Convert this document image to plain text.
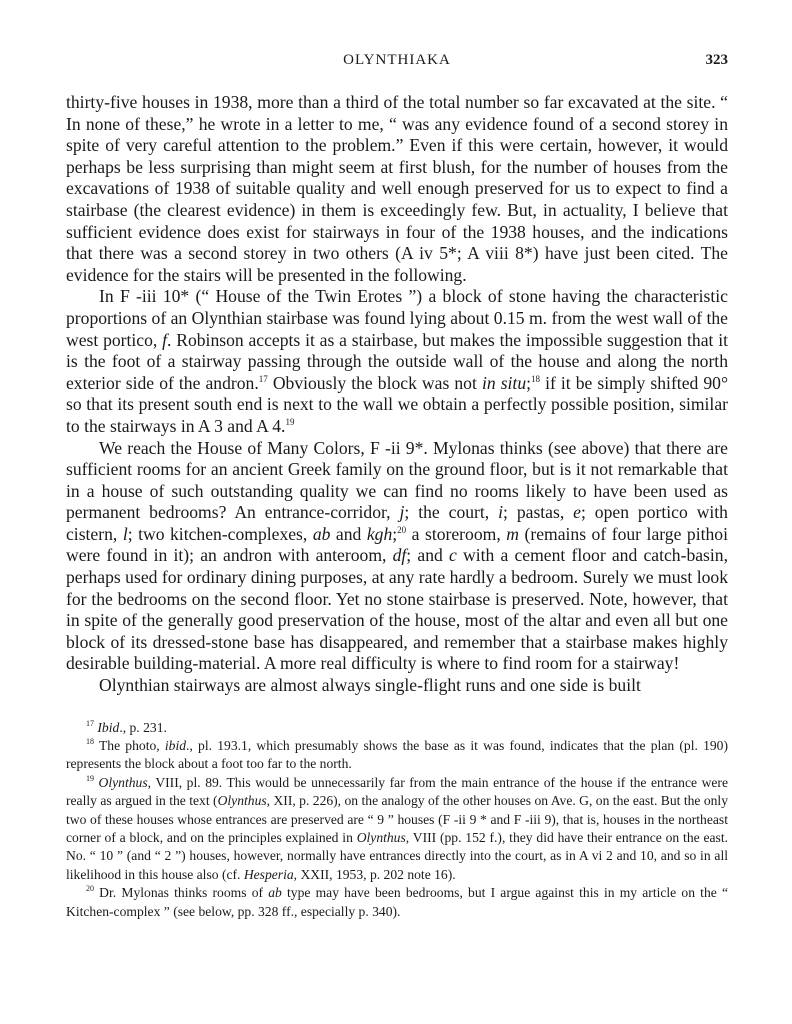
OLYNTHIAKA	323

thirty-five houses in 1938, more than a third of the total number so far excavated at the site. “ In none of these,” he wrote in a letter to me, “ was any evidence found of a second storey in spite of very careful attention to the problem.” Even if this were certain, however, it would perhaps be less surprising than might seem at first blush, for the number of houses from the excavations of 1938 of suitable quality and well enough preserved for us to expect to find a stairbase (the clearest evidence) in them is exceedingly few. But, in actuality, I believe that sufficient evidence does exist for stairways in four of the 1938 houses, and the indications that there was a second storey in two others (A iv 5*; A viii 8*) have just been cited. The evidence for the stairs will be presented in the following.

In F -iii 10* (“ House of the Twin Erotes ”) a block of stone having the characteristic proportions of an Olynthian stairbase was found lying about 0.15 m. from the west wall of the west portico, f. Robinson accepts it as a stairbase, but makes the impossible suggestion that it is the foot of a stairway passing through the outside wall of the house and along the north exterior side of the andron.$^{17}$ Obviously the block was not in situ;$^{18}$ if it be simply shifted 90° so that its present south end is next to the wall we obtain a perfectly possible position, similar to the stairways in A 3 and A 4.19

We reach the House of Many Colors, F -ii 9*. Mylonas thinks (see above) that there are sufficient rooms for an ancient Greek family on the ground floor, but is it not remarkable that in a house of such outstanding quality we can find no rooms likely to have been used as permanent bedrooms? An entrance-corridor, j; the court, i; pastas, e; open portico with cistern, l; two kitchen-complexes, ab and kgh;$^{20}$ a storeroom, m (remains of four large pithoi were found in it); an andron with anteroom, df; and c with a cement floor and catch-basin, perhaps used for ordinary dining purposes, at any rate hardly a bedroom. Surely we must look for the bedrooms on the second floor. Yet no stone stairbase is preserved. Note, however, that in spite of the generally good preservation of the house, most of the altar and even all but one block of its dressed-stone base has disappeared, and remember that a stairbase makes highly desirable building-material. A more real difficulty is where to find room for a stairway!

Olynthian stairways are almost always single-flight runs and one side is built

$^{17}$ Ibid., p. 231.

$^{18}$ The photo, ibid., pl. 193.1, which presumably shows the base as it was found, indicates that the plan (pl. 190) represents the block about a foot too far to the north.

$^{19}$ Olynthus, VIII, pl. 89. This would be unnecessarily far from the main entrance of the house if the entrance were really as argued in the text (Olynthus, XII, p. 226), on the analogy of the other houses on Ave. G, on the east. But the only two of these houses whose entrances are preserved are “ 9 ” houses (F -ii 9 * and F -iii 9), that is, houses in the northeast corner of a block, and on the principles explained in Olynthus, VIII (pp. 152 f.), they did have their entrance on the east. No. “ 10 ” (and “ 2 ”) houses, however, normally have entrances directly into the court, as in A vi 2 and 10, and so in all likelihood in this house also (cf. Hesperia, XXII, 1953, p. 202 note 16).

$^{20}$ Dr. Mylonas thinks rooms of ab type may have been bedrooms, but I argue against this in my article on the “ Kitchen-complex ” (see below, pp. 328 ff., especially p. 340).
